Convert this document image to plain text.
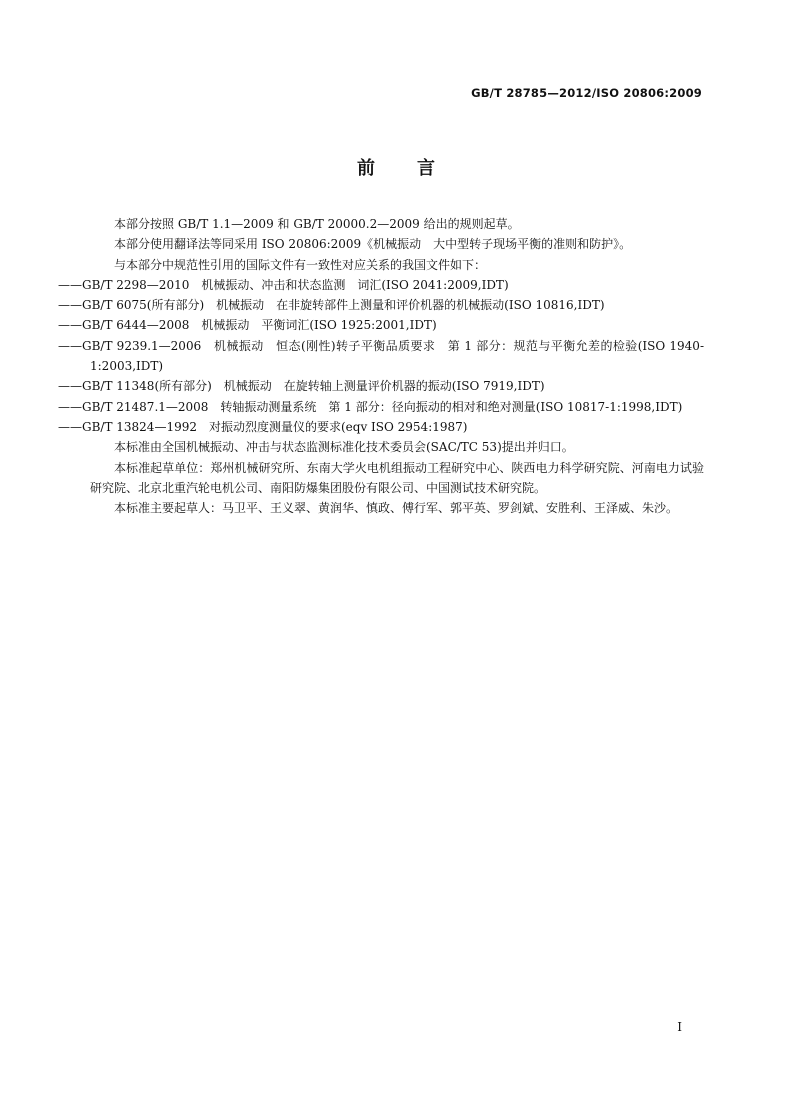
GB/T 28785—2012/ISO 20806:2009
前言

本部分按照 GB/T 1.1—2009 和 GB/T 20000.2—2009 给出的规则起草。

本部分使用翻译法等同采用 ISO 20806:2009《机械振动　大中型转子现场平衡的准则和防护》。

与本部分中规范性引用的国际文件有一致性对应关系的我国文件如下：

——GB/T 2298—2010　机械振动、冲击和状态监测　词汇(ISO 2041:2009,IDT)

——GB/T 6075(所有部分)　机械振动　在非旋转部件上测量和评价机器的机械振动(ISO 10816,IDT)

——GB/T 6444—2008　机械振动　平衡词汇(ISO 1925:2001,IDT)

——GB/T 9239.1—2006　机械振动　恒态(刚性)转子平衡品质要求　第 1 部分：规范与平衡允差的检验(ISO 1940-1:2003,IDT)

——GB/T 11348(所有部分)　机械振动　在旋转轴上测量评价机器的振动(ISO 7919,IDT)

——GB/T 21487.1—2008　转轴振动测量系统　第 1 部分：径向振动的相对和绝对测量(ISO 10817-1:1998,IDT)

——GB/T 13824—1992　对振动烈度测量仪的要求(eqv ISO 2954:1987)

本标准由全国机械振动、冲击与状态监测标准化技术委员会(SAC/TC 53)提出并归口。

本标准起草单位：郑州机械研究所、东南大学火电机组振动工程研究中心、陕西电力科学研究院、河南电力试验研究院、北京北重汽轮电机公司、南阳防爆集团股份有限公司、中国测试技术研究院。

本标准主要起草人：马卫平、王义翠、黄润华、慎政、傅行军、郭平英、罗剑斌、安胜利、王泽威、朱沙。

I
